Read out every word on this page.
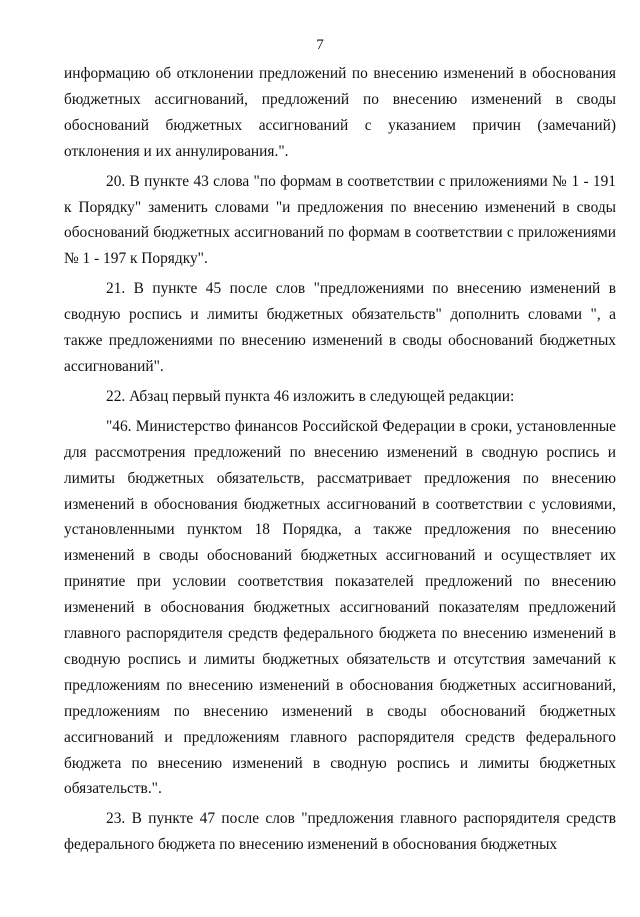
7

информацию об отклонении предложений по внесению изменений в обоснования бюджетных ассигнований, предложений по внесению изменений в своды обоснований бюджетных ассигнований с указанием причин (замечаний) отклонения и их аннулирования.".

20. В пункте 43 слова "по формам в соответствии с приложениями № 1 - 191 к Порядку" заменить словами "и предложения по внесению изменений в своды обоснований бюджетных ассигнований по формам в соответствии с приложениями № 1 - 197 к Порядку".

21. В пункте 45 после слов "предложениями по внесению изменений в сводную роспись и лимиты бюджетных обязательств" дополнить словами ", а также предложениями по внесению изменений в своды обоснований бюджетных ассигнований".

22. Абзац первый пункта 46 изложить в следующей редакции:

"46. Министерство финансов Российской Федерации в сроки, установленные для рассмотрения предложений по внесению изменений в сводную роспись и лимиты бюджетных обязательств, рассматривает предложения по внесению изменений в обоснования бюджетных ассигнований в соответствии с условиями, установленными пунктом 18 Порядка, а также предложения по внесению изменений в своды обоснований бюджетных ассигнований и осуществляет их принятие при условии соответствия показателей предложений по внесению изменений в обоснования бюджетных ассигнований показателям предложений главного распорядителя средств федерального бюджета по внесению изменений в сводную роспись и лимиты бюджетных обязательств и отсутствия замечаний к предложениям по внесению изменений в обоснования бюджетных ассигнований, предложениям по внесению изменений в своды обоснований бюджетных ассигнований и предложениям главного распорядителя средств федерального бюджета по внесению изменений в сводную роспись и лимиты бюджетных обязательств.".

23. В пункте 47 после слов "предложения главного распорядителя средств федерального бюджета по внесению изменений в обоснования бюджетных
